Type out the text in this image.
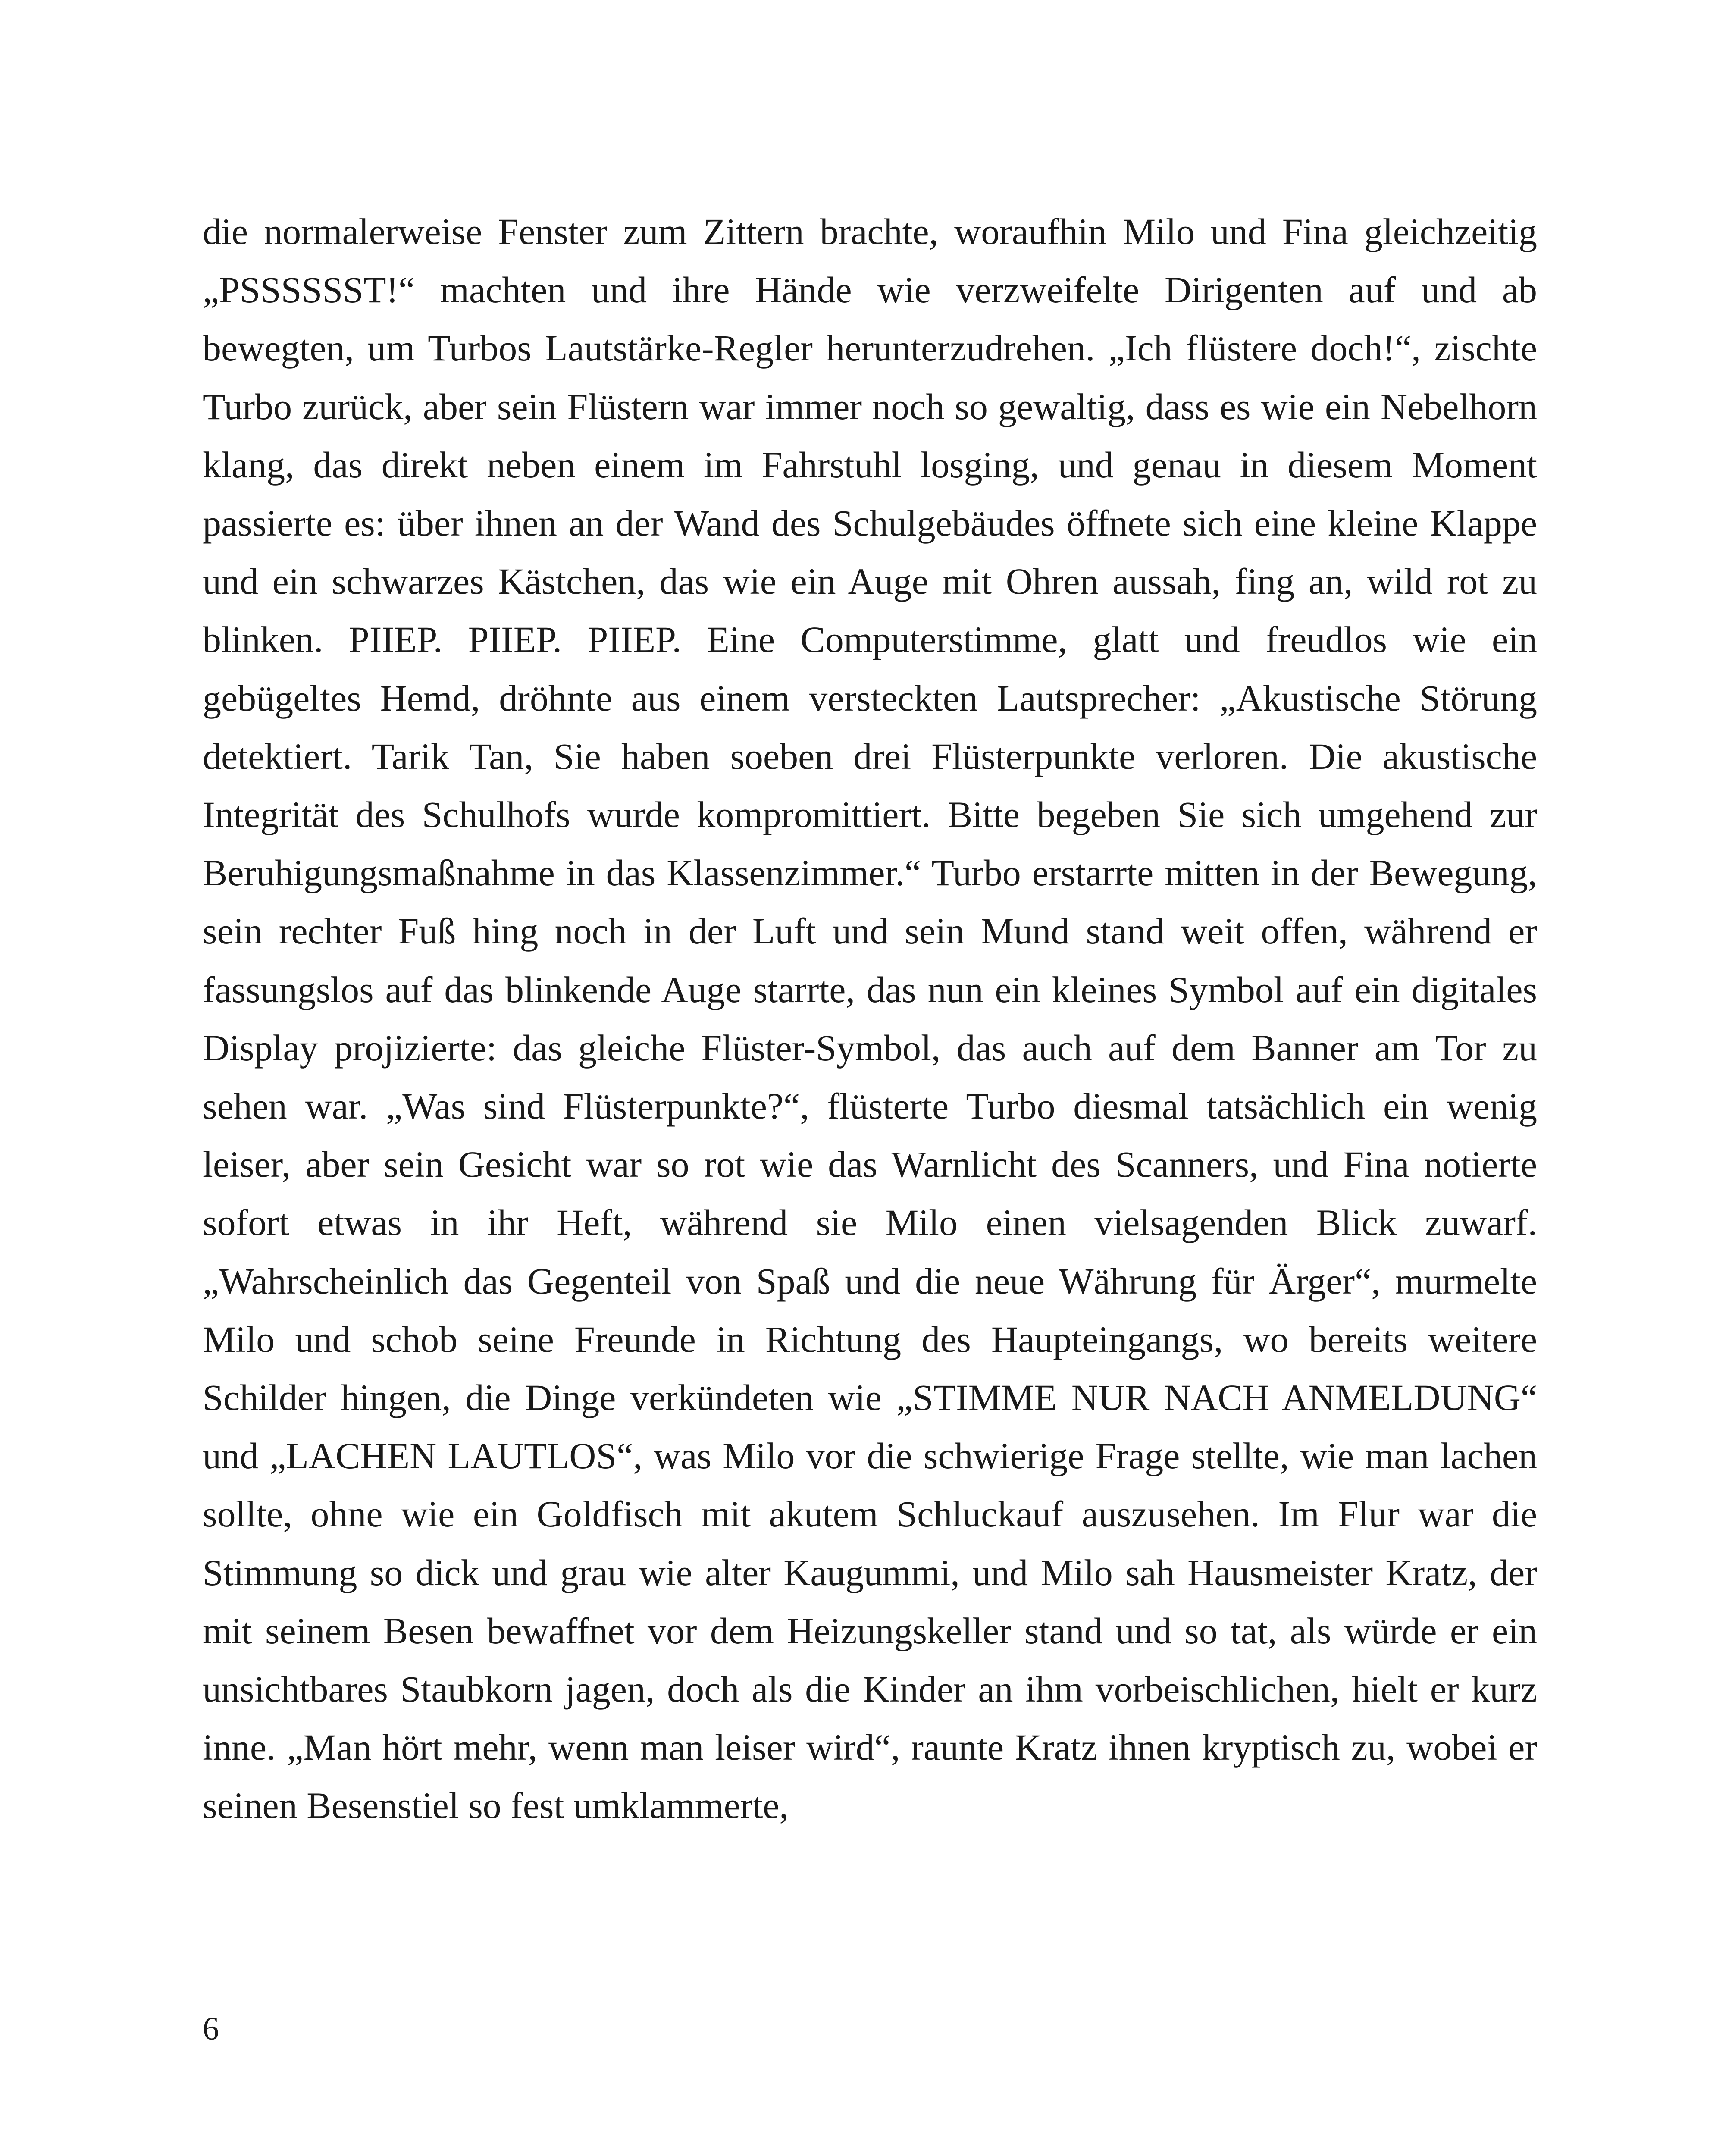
die normalerweise Fenster zum Zittern brachte, woraufhin Milo und Fina gleichzeitig „PSSSSSST!“ machten und ihre Hände wie verzweifelte Dirigenten auf und ab bewegten, um Turbos Lautstärke-Regler herunterzudrehen. „Ich flüstere doch!“, zischte Turbo zurück, aber sein Flüstern war immer noch so gewaltig, dass es wie ein Nebelhorn klang, das direkt neben einem im Fahrstuhl losging, und genau in diesem Moment passierte es: über ihnen an der Wand des Schulgebäudes öffnete sich eine kleine Klappe und ein schwarzes Kästchen, das wie ein Auge mit Ohren aussah, fing an, wild rot zu blinken. PIIEP. PIIEP. PIIEP. Eine Computerstimme, glatt und freudlos wie ein gebügeltes Hemd, dröhnte aus einem versteckten Lautsprecher: „Akustische Störung detektiert. Tarik Tan, Sie haben soeben drei Flüsterpunkte verloren. Die akustische Integrität des Schulhofs wurde kompromittiert. Bitte begeben Sie sich umgehend zur Beruhigungsmaßnahme in das Klassenzimmer.“ Turbo erstarrte mitten in der Bewegung, sein rechter Fuß hing noch in der Luft und sein Mund stand weit offen, während er fassungslos auf das blinkende Auge starrte, das nun ein kleines Symbol auf ein digitales Display projizierte: das gleiche Flüster-Symbol, das auch auf dem Banner am Tor zu sehen war. „Was sind Flüsterpunkte?“, flüsterte Turbo diesmal tatsächlich ein wenig leiser, aber sein Gesicht war so rot wie das Warnlicht des Scanners, und Fina notierte sofort etwas in ihr Heft, während sie Milo einen vielsagenden Blick zuwarf. „Wahrscheinlich das Gegenteil von Spaß und die neue Währung für Ärger“, murmelte Milo und schob seine Freunde in Richtung des Haupteingangs, wo bereits weitere Schilder hingen, die Dinge verkündeten wie „STIMME NUR NACH ANMELDUNG“ und „LACHEN LAUTLOS“, was Milo vor die schwierige Frage stellte, wie man lachen sollte, ohne wie ein Goldfisch mit akutem Schluckauf auszusehen. Im Flur war die Stimmung so dick und grau wie alter Kaugummi, und Milo sah Hausmeister Kratz, der mit seinem Besen bewaffnet vor dem Heizungskeller stand und so tat, als würde er ein unsichtbares Staubkorn jagen, doch als die Kinder an ihm vorbeischlichen, hielt er kurz inne. „Man hört mehr, wenn man leiser wird“, raunte Kratz ihnen kryptisch zu, wobei er seinen Besenstiel so fest umklammerte,

6
